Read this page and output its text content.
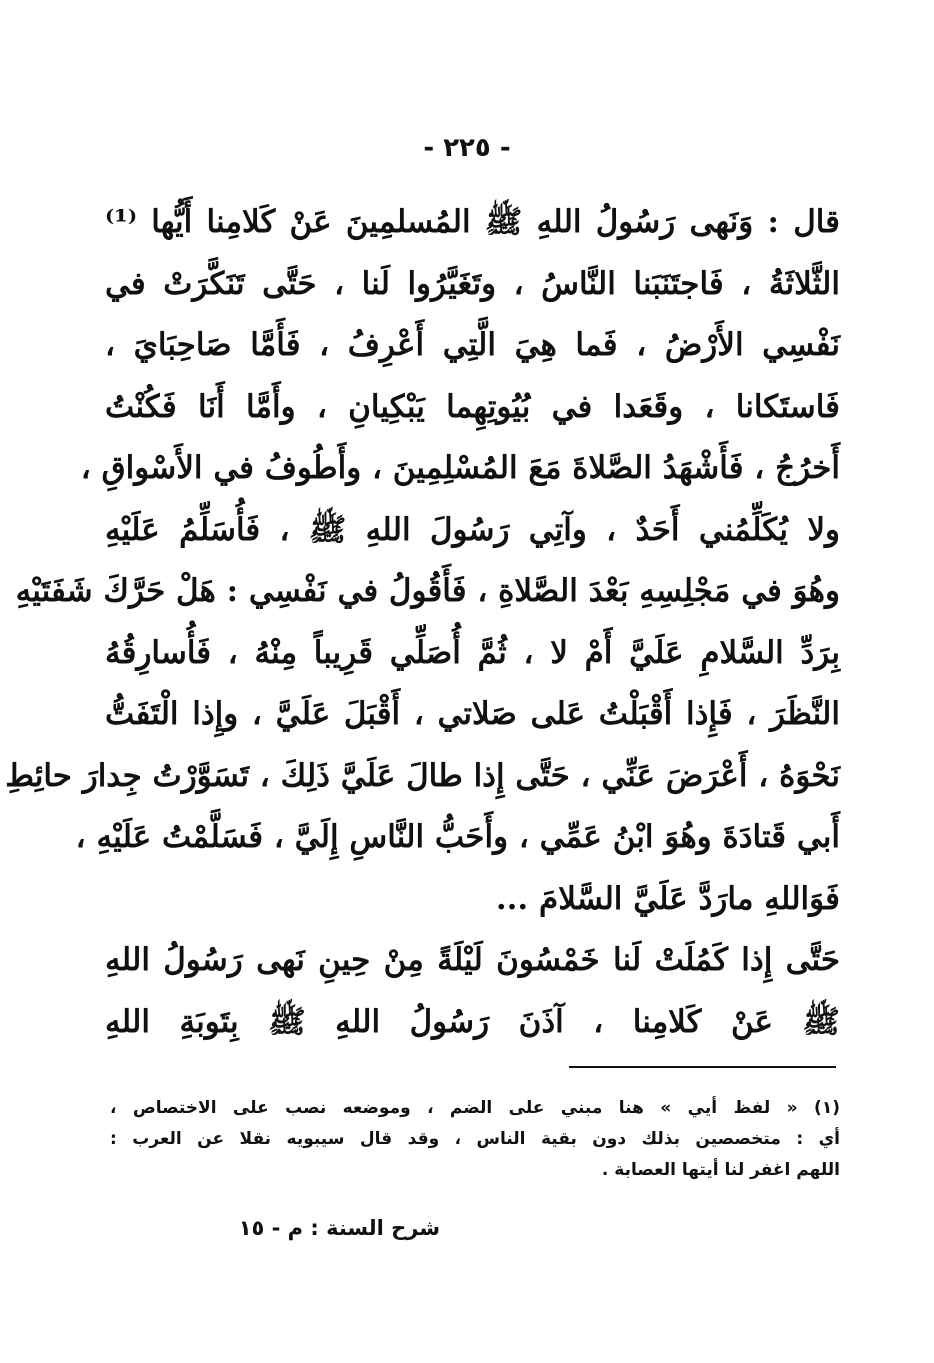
- ٢٢٥ -
قال : وَنَهى رَسُولُ اللهِ ﷺ المُسلمِينَ عَنْ كَلامِنا أَيُّها ⁽¹⁾
الثَّلاثَةُ ، فَاجتَنَبَنا النَّاسُ ، وتَغَيَّرُوا لَنا ، حَتَّى تَنَكَّرَتْ في
نَفْسِي الأَرْضُ ، فَما هِيَ الَّتِي أَعْرِفُ ، فَأَمَّا صَاحِبَايَ ،
فَاستَكانا ، وقَعَدا في بُيُوتِهِما يَبْكِيانِ ، وأَمَّا أَنَا فَكُنْتُ
أَخرُجُ ، فَأَشْهَدُ الصَّلاةَ مَعَ المُسْلِمِينَ ، وأَطُوفُ في الأَسْواقِ ،
ولا يُكَلِّمُني أَحَدٌ ، وآتِي رَسُولَ اللهِ ﷺ ، فَأُسَلِّمُ عَلَيْهِ
وهُوَ في مَجْلِسِهِ بَعْدَ الصَّلاةِ ، فَأَقُولُ في نَفْسِي : هَلْ حَرَّكَ شَفَتَيْهِ
بِرَدِّ السَّلامِ عَلَيَّ أَمْ لا ، ثُمَّ أُصَلِّي قَرِيباً مِنْهُ ، فَأُسارِقُهُ
النَّظَرَ ، فَإِذا أَقْبَلْتُ عَلى صَلاتي ، أَقْبَلَ عَلَيَّ ، وإِذا الْتَفَتُّ
نَحْوَهُ ، أَعْرَضَ عَنِّي ، حَتَّى إِذا طالَ عَلَيَّ ذَلِكَ ، تَسَوَّرْتُ جِدارَ حائِطِ
أَبي قَتادَةَ وهُوَ ابْنُ عَمِّي ، وأَحَبُّ النَّاسِ إِلَيَّ ، فَسَلَّمْتُ عَلَيْهِ ،
فَوَاللهِ مارَدَّ عَلَيَّ السَّلامَ ...
حَتَّى إِذا كَمُلَتْ لَنا خَمْسُونَ لَيْلَةً مِنْ حِينِ نَهى رَسُولُ اللهِ
ﷺ عَنْ كَلامِنا ، آذَنَ رَسُولُ اللهِ ﷺ بِتَوبَةِ اللهِ
(١) « لفظ أيي » هنا مبني على الضم ، وموضعه نصب على الاختصاص ،
أي : متخصصين بذلك دون بقية الناس ، وقد قال سيبويه نقلا عن العرب :
اللهم اغفر لنا أيتها العصابة .
شرح السنة : م - ١٥
